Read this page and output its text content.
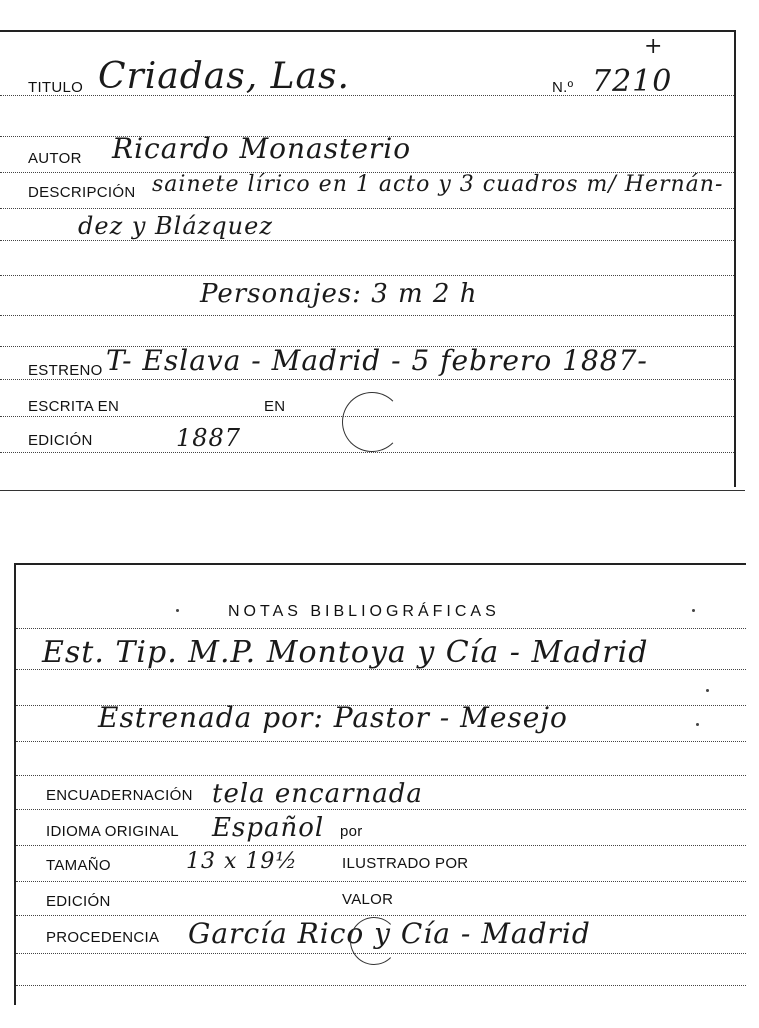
TITULO Criadas, Las.	N.º 7210
+
AUTOR Ricardo Monasterio
DESCRIPCIÓN sainete lírico en 1 acto y 3 cuadros m/ Hernán-
dez y Blázquez
Personajes: 3 m 2 h
ESTRENO T- Eslava - Madrid - 5 febrero 1887-
ESCRITA EN	EN
EDICIÓN	1887
NOTAS BIBLIOGRÁFICAS
Est. Tip. M.P. Montoya y Cía - Madrid
Estrenada por: Pastor - Mesejo
ENCUADERNACIÓN tela encarnada
IDIOMA ORIGINAL Español por
TAMAÑO	13 x 19½	ILUSTRADO POR
EDICIÓN	VALOR
PROCEDENCIA García Rico y Cía - Madrid
